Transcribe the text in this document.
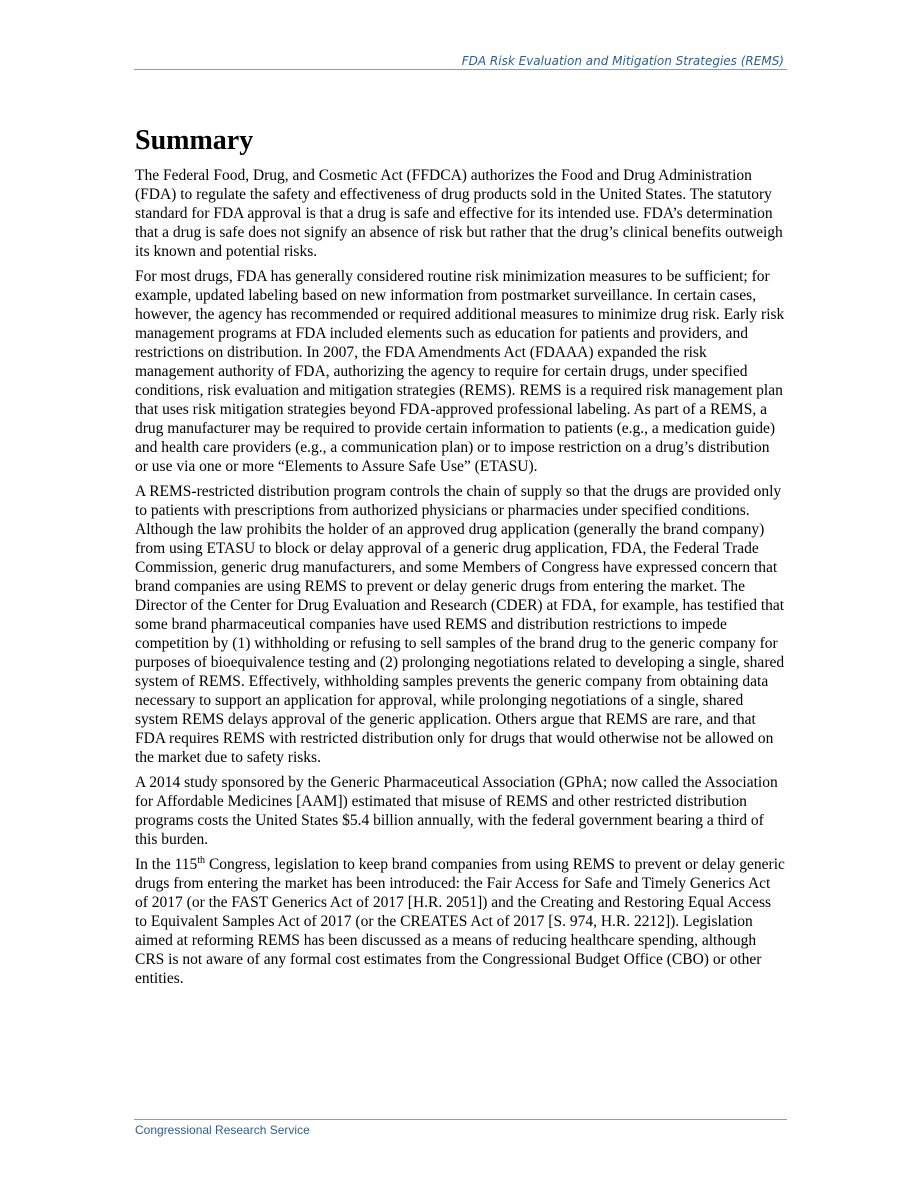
FDA Risk Evaluation and Mitigation Strategies (REMS)
Summary

The Federal Food, Drug, and Cosmetic Act (FFDCA) authorizes the Food and Drug Administration (FDA) to regulate the safety and effectiveness of drug products sold in the United States. The statutory standard for FDA approval is that a drug is safe and effective for its intended use. FDA’s determination that a drug is safe does not signify an absence of risk but rather that the drug’s clinical benefits outweigh its known and potential risks.

For most drugs, FDA has generally considered routine risk minimization measures to be sufficient; for example, updated labeling based on new information from postmarket surveillance. In certain cases, however, the agency has recommended or required additional measures to minimize drug risk. Early risk management programs at FDA included elements such as education for patients and providers, and restrictions on distribution. In 2007, the FDA Amendments Act (FDAAA) expanded the risk management authority of FDA, authorizing the agency to require for certain drugs, under specified conditions, risk evaluation and mitigation strategies (REMS). REMS is a required risk management plan that uses risk mitigation strategies beyond FDA-approved professional labeling. As part of a REMS, a drug manufacturer may be required to provide certain information to patients (e.g., a medication guide) and health care providers (e.g., a communication plan) or to impose restriction on a drug’s distribution or use via one or more “Elements to Assure Safe Use” (ETASU).

A REMS-restricted distribution program controls the chain of supply so that the drugs are provided only to patients with prescriptions from authorized physicians or pharmacies under specified conditions. Although the law prohibits the holder of an approved drug application (generally the brand company) from using ETASU to block or delay approval of a generic drug application, FDA, the Federal Trade Commission, generic drug manufacturers, and some Members of Congress have expressed concern that brand companies are using REMS to prevent or delay generic drugs from entering the market. The Director of the Center for Drug Evaluation and Research (CDER) at FDA, for example, has testified that some brand pharmaceutical companies have used REMS and distribution restrictions to impede competition by (1) withholding or refusing to sell samples of the brand drug to the generic company for purposes of bioequivalence testing and (2) prolonging negotiations related to developing a single, shared system of REMS. Effectively, withholding samples prevents the generic company from obtaining data necessary to support an application for approval, while prolonging negotiations of a single, shared system REMS delays approval of the generic application. Others argue that REMS are rare, and that FDA requires REMS with restricted distribution only for drugs that would otherwise not be allowed on the market due to safety risks.

A 2014 study sponsored by the Generic Pharmaceutical Association (GPhA; now called the Association for Affordable Medicines [AAM]) estimated that misuse of REMS and other restricted distribution programs costs the United States $5.4 billion annually, with the federal government bearing a third of this burden.

In the 115th Congress, legislation to keep brand companies from using REMS to prevent or delay generic drugs from entering the market has been introduced: the Fair Access for Safe and Timely Generics Act of 2017 (or the FAST Generics Act of 2017 [H.R. 2051]) and the Creating and Restoring Equal Access to Equivalent Samples Act of 2017 (or the CREATES Act of 2017 [S. 974, H.R. 2212]). Legislation aimed at reforming REMS has been discussed as a means of reducing healthcare spending, although CRS is not aware of any formal cost estimates from the Congressional Budget Office (CBO) or other entities.

Congressional Research Service
